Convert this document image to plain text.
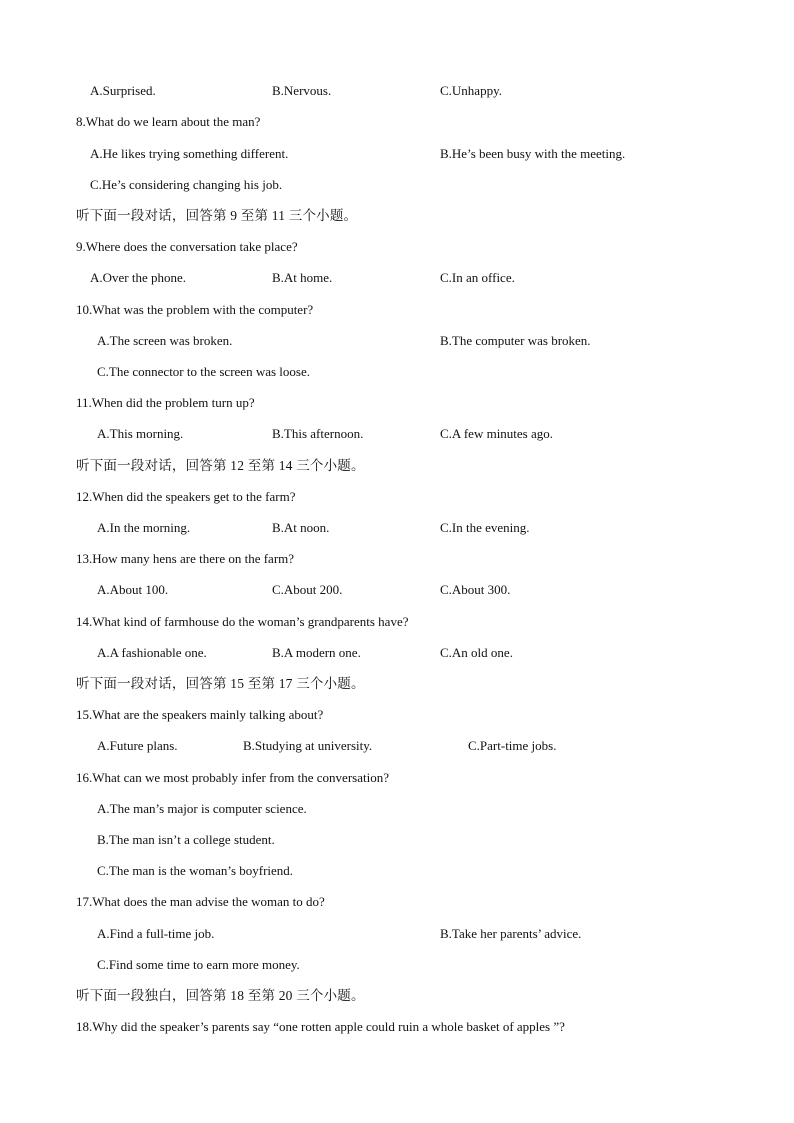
A.Surprised.	B.Nervous.	C.Unhappy.
8.What do we learn about the man?
A.He likes trying something different.	B.He’s been busy with the meeting.
C.He’s considering changing his job.
听下面一段对话，回答第 9 至第 11 三个小题。
9.Where does the conversation take place?
A.Over the phone.	B.At home.	C.In an office.
10.What was the problem with the computer?
A.The screen was broken.	B.The computer was broken.
C.The connector to the screen was loose.
11.When did the problem turn up?
A.This morning.	B.This afternoon.	C.A few minutes ago.
听下面一段对话，回答第 12 至第 14 三个小题。
12.When did the speakers get to the farm?
A.In the morning.	B.At noon.	C.In the evening.
13.How many hens are there on the farm?
A.About 100.	C.About 200.	C.About 300.
14.What kind of farmhouse do the woman’s grandparents have?
A.A fashionable one.	B.A modern one.	C.An old one.
听下面一段对话，回答第 15 至第 17 三个小题。
15.What are the speakers mainly talking about?
A.Future plans.	B.Studying at university.	C.Part-time jobs.
16.What can we most probably infer from the conversation?
A.The man’s major is computer science.
B.The man isn’t a college student.
C.The man is the woman’s boyfriend.
17.What does the man advise the woman to do?
A.Find a full-time job.	B.Take her parents’ advice.
C.Find some time to earn more money.
听下面一段独白，回答第 18 至第 20 三个小题。
18.Why did the speaker’s parents say “one rotten apple could ruin a whole basket of apples ”?
